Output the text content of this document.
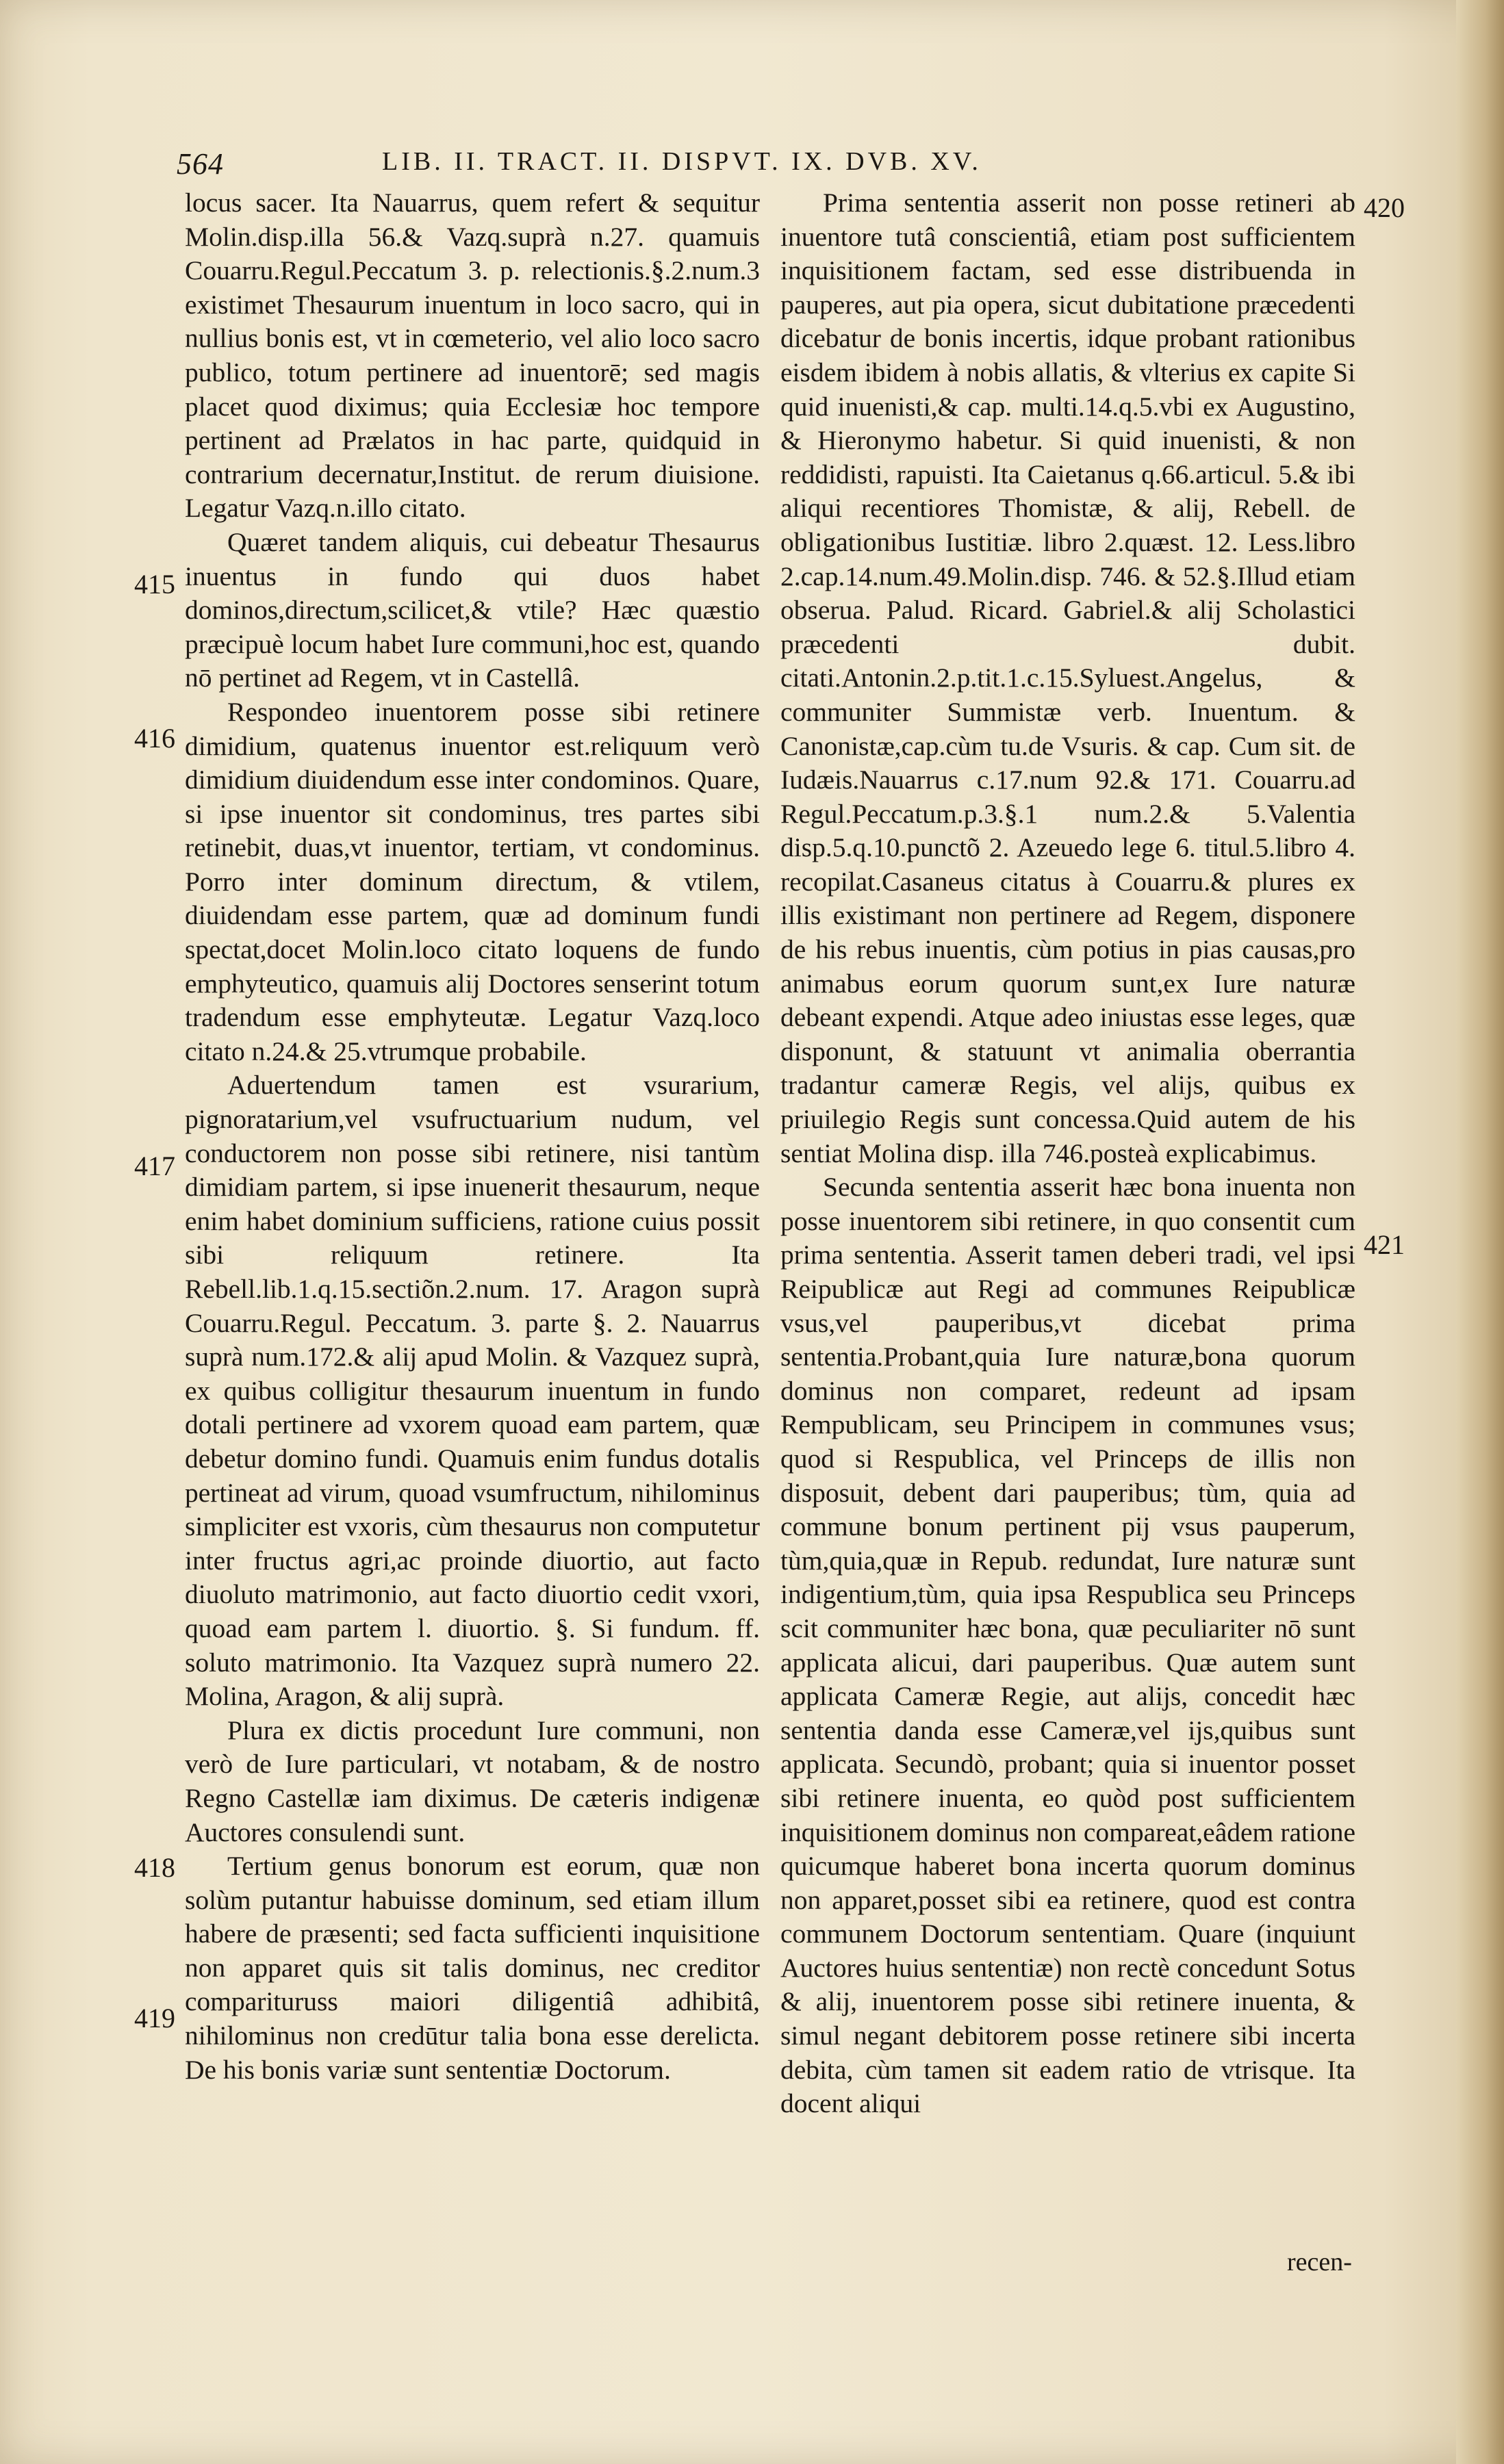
564	LIB. II. TRACT. II. DISPVT. IX. DVB. XV.

locus sacer. Ita Nauarrus, quem refert & sequitur Molin.disp.illa 56.& Vazq.suprà n.27. quamuis Couarru.Regul.Peccatum 3. p. relectionis.§.2.num.3 existimet Thesaurum inuentum in loco sacro, qui in nullius bonis est, vt in cœmeterio, vel alio loco sacro publico, totum pertinere ad inuentorē; sed magis placet quod diximus; quia Ecclesiæ hoc tempore pertinent ad Prælatos in hac parte, quidquid in contrarium decernatur,Institut. de rerum diuisione. Legatur Vazq.n.illo citato.

Quæret tandem aliquis, cui debeatur Thesaurus inuentus in fundo qui duos habet dominos,directum,scilicet,& vtile? Hæc quæstio præcipuè locum habet Iure communi,hoc est, quando nō pertinet ad Regem, vt in Castellâ.

Respondeo inuentorem posse sibi retinere dimidium, quatenus inuentor est.reliquum verò dimidium diuidendum esse inter condominos. Quare, si ipse inuentor sit condominus, tres partes sibi retinebit, duas,vt inuentor, tertiam, vt condominus. Porro inter dominum directum, & vtilem, diuidendam esse partem, quæ ad dominum fundi spectat,docet Molin.loco citato loquens de fundo emphyteutico, quamuis alij Doctores senserint totum tradendum esse emphyteutæ. Legatur Vazq.loco citato n.24.& 25.vtrumque probabile.

Aduertendum tamen est vsurarium, pignoratarium,vel vsufructuarium nudum, vel conductorem non posse sibi retinere, nisi tantùm dimidiam partem, si ipse inuenerit thesaurum, neque enim habet dominium sufficiens, ratione cuius possit sibi reliquum retinere. Ita Rebell.lib.1.q.15.sectiõn.2.num. 17. Aragon suprà Couarru.Regul. Peccatum. 3. parte §. 2. Nauarrus suprà num.172.& alij apud Molin. & Vazquez suprà, ex quibus colligitur thesaurum inuentum in fundo dotali pertinere ad vxorem quoad eam partem, quæ debetur domino fundi. Quamuis enim fundus dotalis pertineat ad virum, quoad vsumfructum, nihilominus simpliciter est vxoris, cùm thesaurus non computetur inter fructus agri,ac proinde diuortio, aut facto diuoluto matrimonio, aut facto diuortio cedit vxori, quoad eam partem l. diuortio. §. Si fundum. ff. soluto matrimonio. Ita Vazquez suprà numero 22. Molina, Aragon, & alij suprà.

Plura ex dictis procedunt Iure communi, non verò de Iure particulari, vt notabam, & de nostro Regno Castellæ iam diximus. De cæteris indigenæ Auctores consulendi sunt.

Tertium genus bonorum est eorum, quæ non solùm putantur habuisse dominum, sed etiam illum habere de præsenti; sed facta sufficienti inquisitione non apparet quis sit talis dominus, nec creditor comparituruss maiori diligentiâ adhibitâ, nihilominus non credūtur talia bona esse derelicta. De his bonis variæ sunt sententiæ Doctorum.

Prima sententia asserit non posse retineri ab inuentore tutâ conscientiâ, etiam post sufficientem inquisitionem factam, sed esse distribuenda in pauperes, aut pia opera, sicut dubitatione præcedenti dicebatur de bonis incertis, idque probant rationibus eisdem ibidem à nobis allatis, & vlterius ex capite Si quid inuenisti,& cap. multi.14.q.5.vbi ex Augustino, & Hieronymo habetur. Si quid inuenisti, & non reddidisti, rapuisti. Ita Caietanus q.66.articul. 5.& ibi aliqui recentiores Thomistæ, & alij, Rebell. de obligationibus Iustitiæ. libro 2.quæst. 12. Less.libro 2.cap.14.num.49.Molin.disp. 746. & 52.§.Illud etiam obserua. Palud. Ricard. Gabriel.& alij Scholastici præcedenti dubit. citati.Antonin.2.p.tit.1.c.15.Syluest.Angelus, & communiter Summistæ verb. Inuentum. & Canonistæ,cap.cùm tu.de Vsuris. & cap. Cum sit. de Iudæis.Nauarrus c.17.num 92.& 171. Couarru.ad Regul.Peccatum.p.3.§.1 num.2.& 5.Valentia disp.5.q.10.punctõ 2. Azeuedo lege 6. titul.5.libro 4. recopilat.Casaneus citatus à Couarru.& plures ex illis existimant non pertinere ad Regem, disponere de his rebus inuentis, cùm potius in pias causas,pro animabus eorum quorum sunt,ex Iure naturæ debeant expendi. Atque adeo iniustas esse leges, quæ disponunt, & statuunt vt animalia oberrantia tradantur cameræ Regis, vel alijs, quibus ex priuilegio Regis sunt concessa.Quid autem de his sentiat Molina disp. illa 746.posteà explicabimus.

Secunda sententia asserit hæc bona inuenta non posse inuentorem sibi retinere, in quo consentit cum prima sententia. Asserit tamen deberi tradi, vel ipsi Reipublicæ aut Regi ad communes Reipublicæ vsus,vel pauperibus,vt dicebat prima sententia.Probant,quia Iure naturæ,bona quorum dominus non comparet, redeunt ad ipsam Rempublicam, seu Principem in communes vsus; quod si Respublica, vel Princeps de illis non disposuit, debent dari pauperibus; tùm, quia ad commune bonum pertinent pij vsus pauperum, tùm,quia,quæ in Repub. redundat, Iure naturæ sunt indigentium,tùm, quia ipsa Respublica seu Princeps scit communiter hæc bona, quæ peculiariter nō sunt applicata alicui, dari pauperibus. Quæ autem sunt applicata Cameræ Regie, aut alijs, concedit hæc sententia danda esse Cameræ,vel ijs,quibus sunt applicata. Secundò, probant; quia si inuentor posset sibi retinere inuenta, eo quòd post sufficientem inquisitionem dominus non compareat,eâdem ratione quicumque haberet bona incerta quorum dominus non apparet,posset sibi ea retinere, quod est contra communem Doctorum sententiam. Quare (inquiunt Auctores huius sententiæ) non rectè concedunt Sotus & alij, inuentorem posse sibi retinere inuenta, & simul negant debitorem posse retinere sibi incerta debita, cùm tamen sit eadem ratio de vtrisque. Ita docent aliqui

415
416
417
418
419
420
421
recen-
